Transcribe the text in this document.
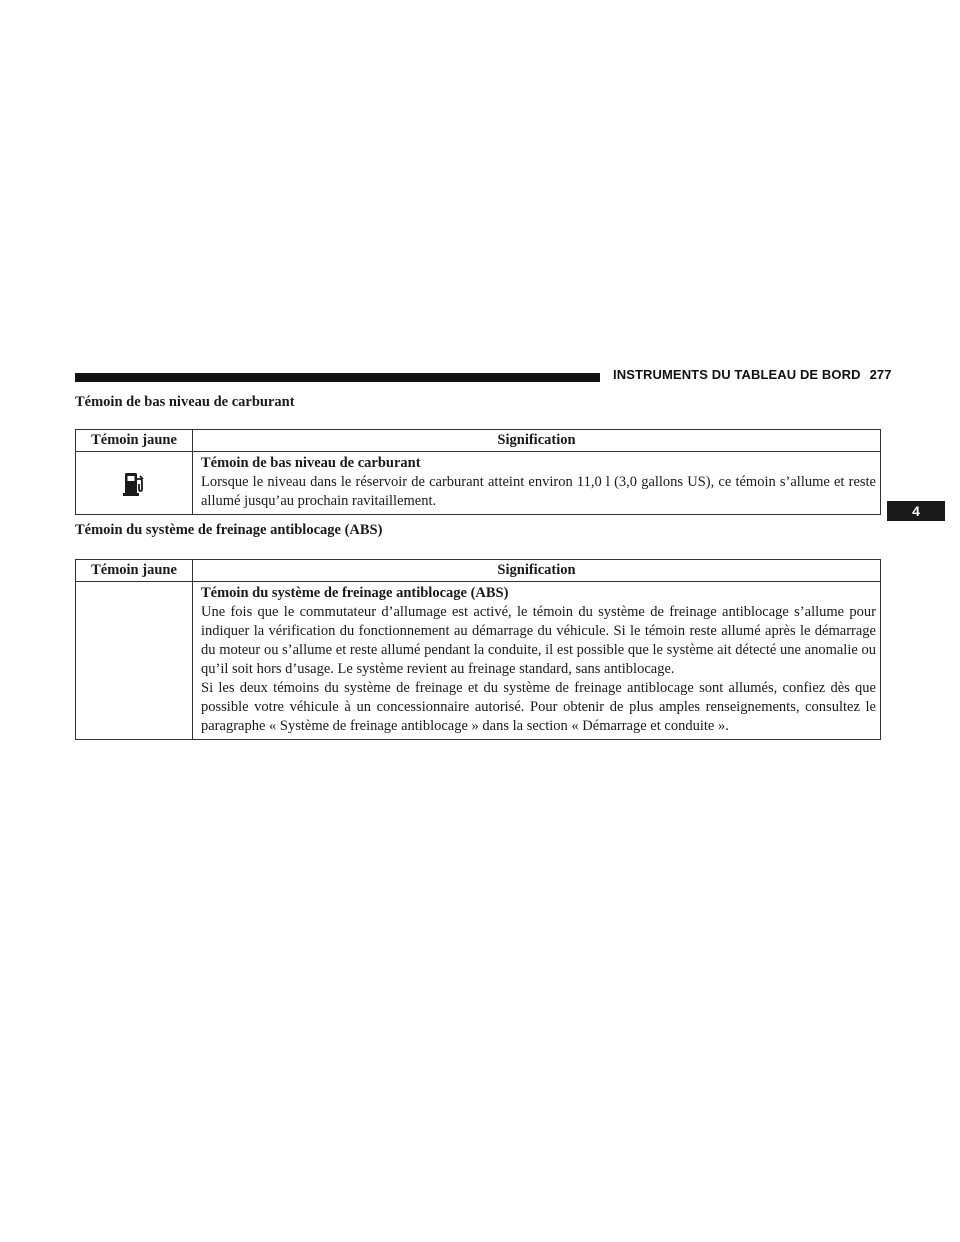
INSTRUMENTS DU TABLEAU DE BORD 277
4
Témoin de bas niveau de carburant
Témoin jaune	Signification

Témoin de bas niveau de carburant
Lorsque le niveau dans le réservoir de carburant atteint environ 11,0 l (3,0 gallons US), ce témoin s’allume et reste allumé jusqu’au prochain ravitaillement.
Témoin du système de freinage antiblocage (ABS)
Témoin jaune	Signification

	Témoin du système de freinage antiblocage (ABS)
Une fois que le commutateur d’allumage est activé, le témoin du système de freinage antiblocage s’allume pour indiquer la vérification du fonctionnement au démarrage du véhicule. Si le témoin reste allumé après le démarrage du moteur ou s’allume et reste allumé pendant la conduite, il est possible que le système ait détecté une anomalie ou qu’il soit hors d’usage. Le système revient au freinage standard, sans antiblocage.
Si les deux témoins du système de freinage et du système de freinage antiblocage sont allumés, confiez dès que possible votre véhicule à un concessionnaire autorisé. Pour obtenir de plus amples renseignements, consultez le paragraphe « Système de freinage antiblocage » dans la section « Démarrage et conduite ».
